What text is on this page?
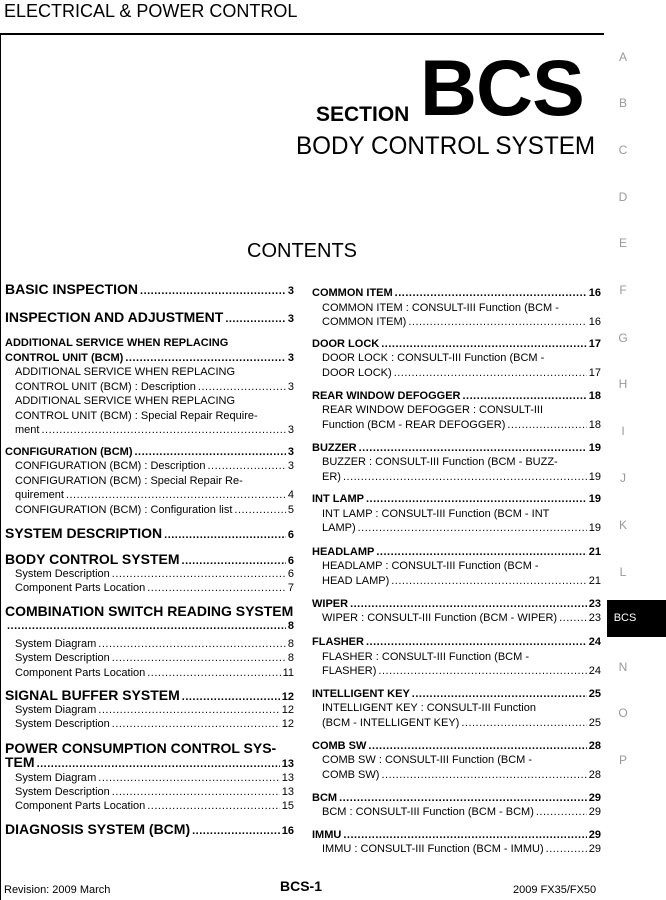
ELECTRICAL & POWER CONTROL
SECTION BCS
BODY CONTROL SYSTEM
CONTENTS
A
B
C
D
E
F
G
H
I
J
K
L
BCS
N
O
P
BASIC INSPECTION .....	3
INSPECTION AND ADJUSTMENT .....	3
ADDITIONAL SERVICE WHEN REPLACING
CONTROL UNIT (BCM) .....	3
ADDITIONAL SERVICE WHEN REPLACING
CONTROL UNIT (BCM) : Description .....	3
ADDITIONAL SERVICE WHEN REPLACING
CONTROL UNIT (BCM) : Special Repair Require-
ment .....	3
CONFIGURATION (BCM) .....	3
CONFIGURATION (BCM) : Description .....	3
CONFIGURATION (BCM) : Special Repair Re-
quirement .....	4
CONFIGURATION (BCM) : Configuration list .....	5
SYSTEM DESCRIPTION .....	6
BODY CONTROL SYSTEM .....	6
System Description .....	6
Component Parts Location .....	7
COMBINATION SWITCH READING SYSTEM
.....
8
System Diagram .....	8
System Description .....	8
Component Parts Location .....	11
SIGNAL BUFFER SYSTEM .....	12
System Diagram .....	12
System Description .....	12
POWER CONSUMPTION CONTROL SYS-
TEM .....	13
System Diagram .....	13
System Description .....	13
Component Parts Location .....	15
DIAGNOSIS SYSTEM (BCM) .....	16
COMMON ITEM .....	16
COMMON ITEM : CONSULT-III Function (BCM -
COMMON ITEM) .....	16
DOOR LOCK .....	17
DOOR LOCK : CONSULT-III Function (BCM -
DOOR LOCK) .....	17
REAR WINDOW DEFOGGER .....	18
REAR WINDOW DEFOGGER : CONSULT-III
Function (BCM - REAR DEFOGGER) .....	18
BUZZER .....	19
BUZZER : CONSULT-III Function (BCM - BUZZ-
ER) .....	19
INT LAMP .....	19
INT LAMP : CONSULT-III Function (BCM - INT
LAMP) .....	19
HEADLAMP .....	21
HEADLAMP : CONSULT-III Function (BCM -
HEAD LAMP) .....	21
WIPER .....	23
WIPER : CONSULT-III Function (BCM - WIPER) .....	23
FLASHER .....	24
FLASHER : CONSULT-III Function (BCM -
FLASHER) .....	24
INTELLIGENT KEY .....	25
INTELLIGENT KEY : CONSULT-III Function
(BCM - INTELLIGENT KEY) .....	25
COMB SW .....	28
COMB SW : CONSULT-III Function (BCM -
COMB SW) .....	28
BCM .....	29
BCM : CONSULT-III Function (BCM - BCM) .....	29
IMMU .....	29
IMMU : CONSULT-III Function (BCM - IMMU) .....	29
Revision: 2009 March	BCS-1	2009 FX35/FX50
